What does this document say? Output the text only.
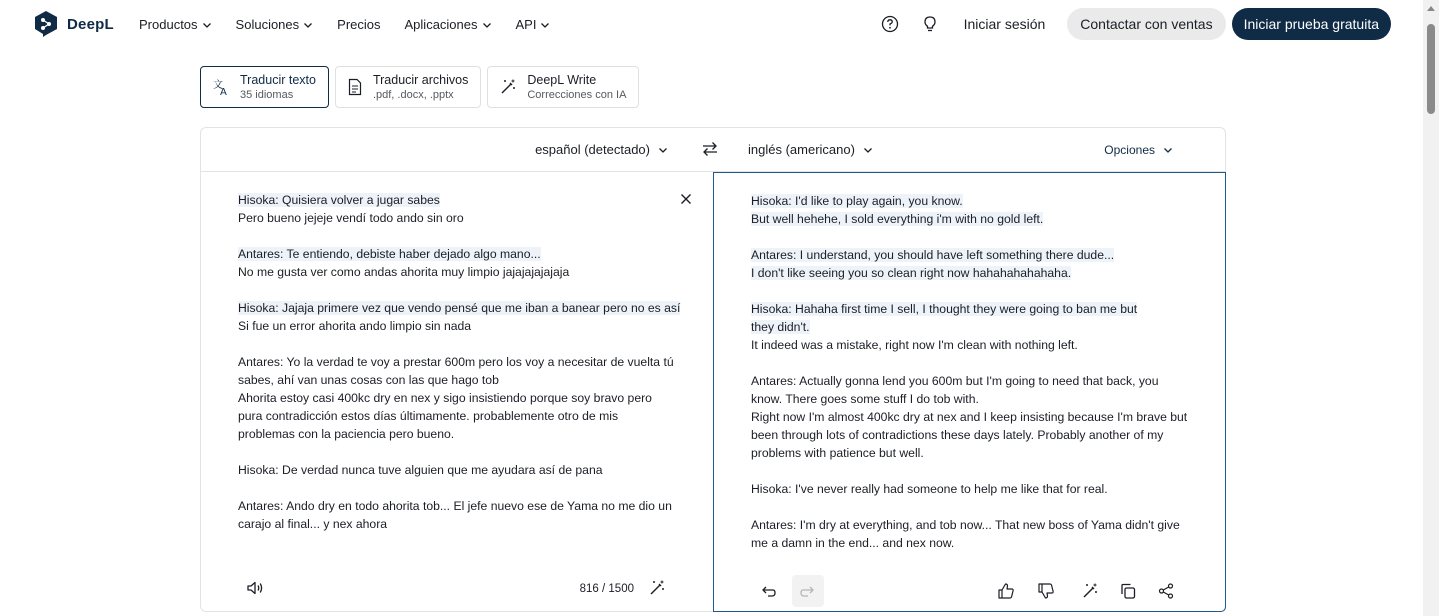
DeepL Productos	Soluciones	Precios Aplicaciones	API	Iniciar sesión	Contactar con ventas	Iniciar prueba gratuita
文
A
Traducir texto
35 idiomas
Traducir archivos
.pdf, .docx, .pptx
DeepL Write
Correcciones con IA
español (detectado)	inglés (americano)	Opciones
Hisoka: Quisiera volver a jugar sabes
Pero bueno jejeje vendí todo ando sin oro
Antares: Te entiendo, debiste haber dejado algo mano...
No me gusta ver como andas ahorita muy limpio jajajajajajaja
Hisoka: Jajaja primere vez que vendo pensé que me iban a banear pero no es así
Si fue un error ahorita ando limpio sin nada
Antares: Yo la verdad te voy a prestar 600m pero los voy a necesitar de vuelta tú
sabes, ahí van unas cosas con las que hago tob
Ahorita estoy casi 400kc dry en nex y sigo insistiendo porque soy bravo pero
pura contradicción estos días últimamente. probablemente otro de mis
problemas con la paciencia pero bueno.
Hisoka: De verdad nunca tuve alguien que me ayudara así de pana
Antares: Ando dry en todo ahorita tob... El jefe nuevo ese de Yama no me dio un
carajo al final... y nex ahora
816 / 1500
Hisoka: I'd like to play again, you know.
But well hehehe, I sold everything i'm with no gold left.
Antares: I understand, you should have left something there dude...
I don't like seeing you so clean right now hahahahahahaha.
Hisoka: Hahaha first time I sell, I thought they were going to ban me but
they didn't.
It indeed was a mistake, right now I'm clean with nothing left.
Antares: Actually gonna lend you 600m but I'm going to need that back, you
know. There goes some stuff I do tob with.
Right now I'm almost 400kc dry at nex and I keep insisting because I'm brave but
been through lots of contradictions these days lately. Probably another of my
problems with patience but well.
Hisoka: I've never really had someone to help me like that for real.
Antares: I'm dry at everything, and tob now... That new boss of Yama didn't give
me a damn in the end... and nex now.
